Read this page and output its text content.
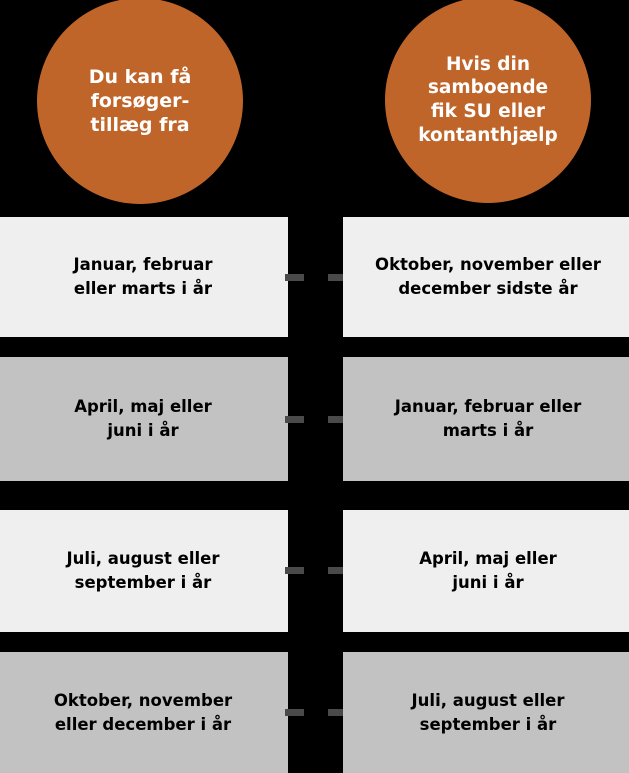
Du kan få
forsøger-
tillæg fra
Hvis din
samboende
fik SU eller
kontanthjælp
Januar, februar
eller marts i år
Oktober, november eller
december sidste år
April, maj eller
juni i år
Januar, februar eller
marts i år
Juli, august eller
september i år
April, maj eller
juni i år
Oktober, november
eller december i år
Juli, august eller
september i år
